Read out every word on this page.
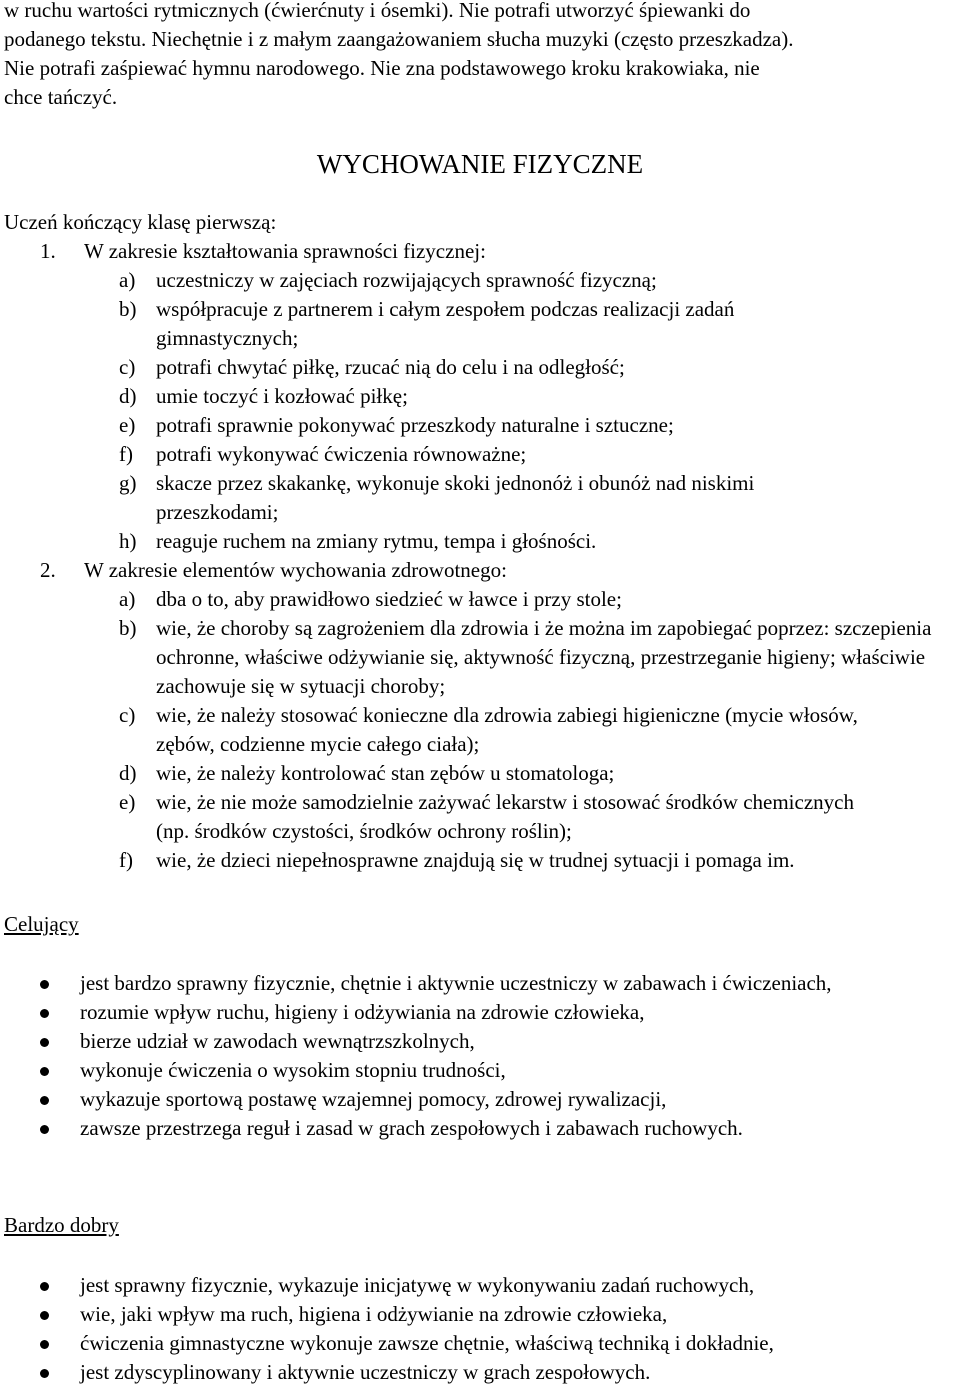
w ruchu wartości rytmicznych (ćwierćnuty i ósemki). Nie potrafi utworzyć śpiewanki do

podanego tekstu. Niechętnie i z małym zaangażowaniem słucha muzyki (często przeszkadza).

Nie potrafi zaśpiewać hymnu narodowego. Nie zna podstawowego kroku krakowiaka, nie

chce tańczyć.

WYCHOWANIE FIZYCZNE
Uczeń kończący klasę pierwszą:
1. W zakresie kształtowania sprawności fizycznej:
a) uczestniczy w zajęciach rozwijających sprawność fizyczną;
b) współpracuje z partnerem i całym zespołem podczas realizacji zadań gimnastycznych;
c) potrafi chwytać piłkę, rzucać nią do celu i na odległość;
d) umie toczyć i kozłować piłkę;
e) potrafi sprawnie pokonywać przeszkody naturalne i sztuczne;
f) potrafi wykonywać ćwiczenia równoważne;
g) skacze przez skakankę, wykonuje skoki jednonóż i obunóż nad niskimi przeszkodami;
h) reaguje ruchem na zmiany rytmu, tempa i głośności.
2. W zakresie elementów wychowania zdrowotnego:
a) dba o to, aby prawidłowo siedzieć w ławce i przy stole;
b) wie, że choroby są zagrożeniem dla zdrowia i że można im zapobiegać poprzez: szczepienia ochronne, właściwe odżywianie się, aktywność fizyczną, przestrzeganie higieny; właściwie zachowuje się w sytuacji choroby;
c) wie, że należy stosować konieczne dla zdrowia zabiegi higieniczne (mycie włosów, zębów, codzienne mycie całego ciała);
d) wie, że należy kontrolować stan zębów u stomatologa;
e) wie, że nie może samodzielnie zażywać lekarstw i stosować środków chemicznych (np. środków czystości, środków ochrony roślin);
f) wie, że dzieci niepełnosprawne znajdują się w trudnej sytuacji i pomaga im.
Celujący
jest bardzo sprawny fizycznie, chętnie i aktywnie uczestniczy w zabawach i ćwiczeniach,
rozumie wpływ ruchu, higieny i odżywiania na zdrowie człowieka,
bierze udział w zawodach wewnątrzszkolnych,
wykonuje ćwiczenia o wysokim stopniu trudności,
wykazuje sportową postawę wzajemnej pomocy, zdrowej rywalizacji,
zawsze przestrzega reguł i zasad w grach zespołowych i zabawach ruchowych.
Bardzo dobry
jest sprawny fizycznie, wykazuje inicjatywę w wykonywaniu zadań ruchowych,
wie, jaki wpływ ma ruch, higiena i odżywianie na zdrowie człowieka,
ćwiczenia gimnastyczne wykonuje zawsze chętnie, właściwą techniką i dokładnie,
jest zdyscyplinowany i aktywnie uczestniczy w grach zespołowych.
